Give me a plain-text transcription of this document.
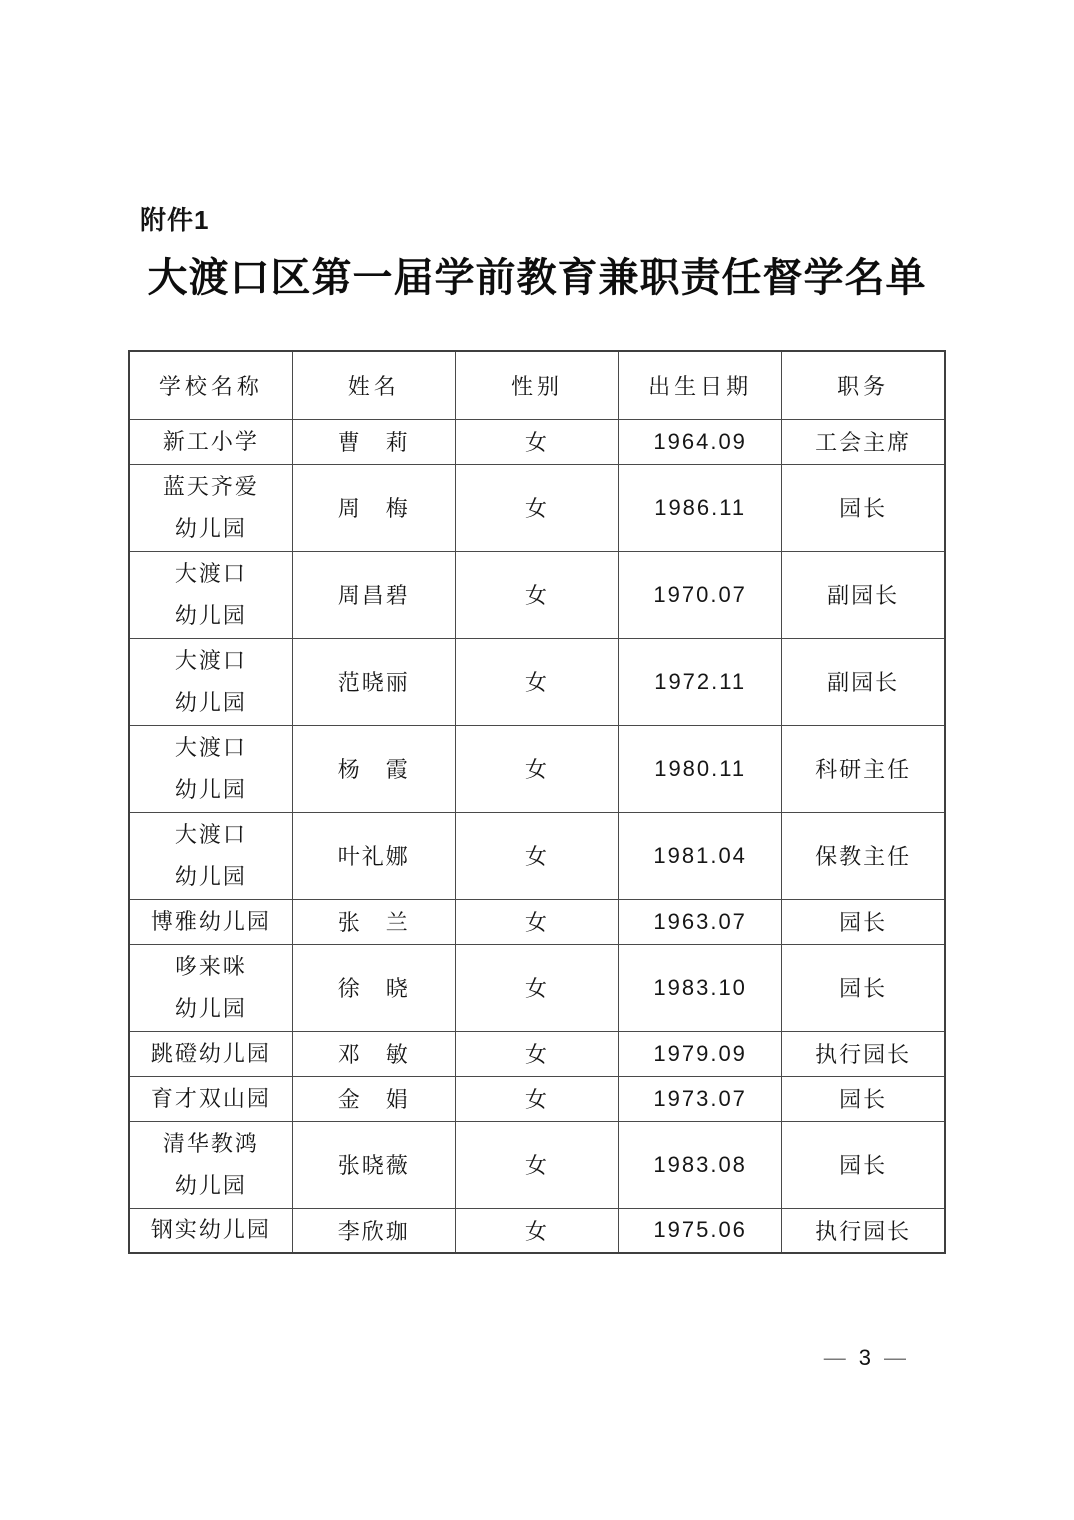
附件1
大渡口区第一届学前教育兼职责任督学名单
学校名称	姓名	性别	出生日期	职务

新工小学	曹　莉	女	1964.09	工会主席

蓝天齐爱
幼儿园	周　梅	女	1986.11	园长

大渡口
幼儿园	周昌碧	女	1970.07	副园长

大渡口
幼儿园	范晓丽	女	1972.11	副园长

大渡口
幼儿园	杨　霞	女	1980.11	科研主任

大渡口
幼儿园	叶礼娜	女	1981.04	保教主任

博雅幼儿园	张　兰	女	1963.07	园长

哆来咪
幼儿园	徐　晓	女	1983.10	园长

跳磴幼儿园	邓　敏	女	1979.09	执行园长

育才双山园	金　娟	女	1973.07	园长

清华教鸿
幼儿园	张晓薇	女	1983.08	园长

钢实幼儿园	李欣珈	女	1975.06	执行园长
— 3 —
